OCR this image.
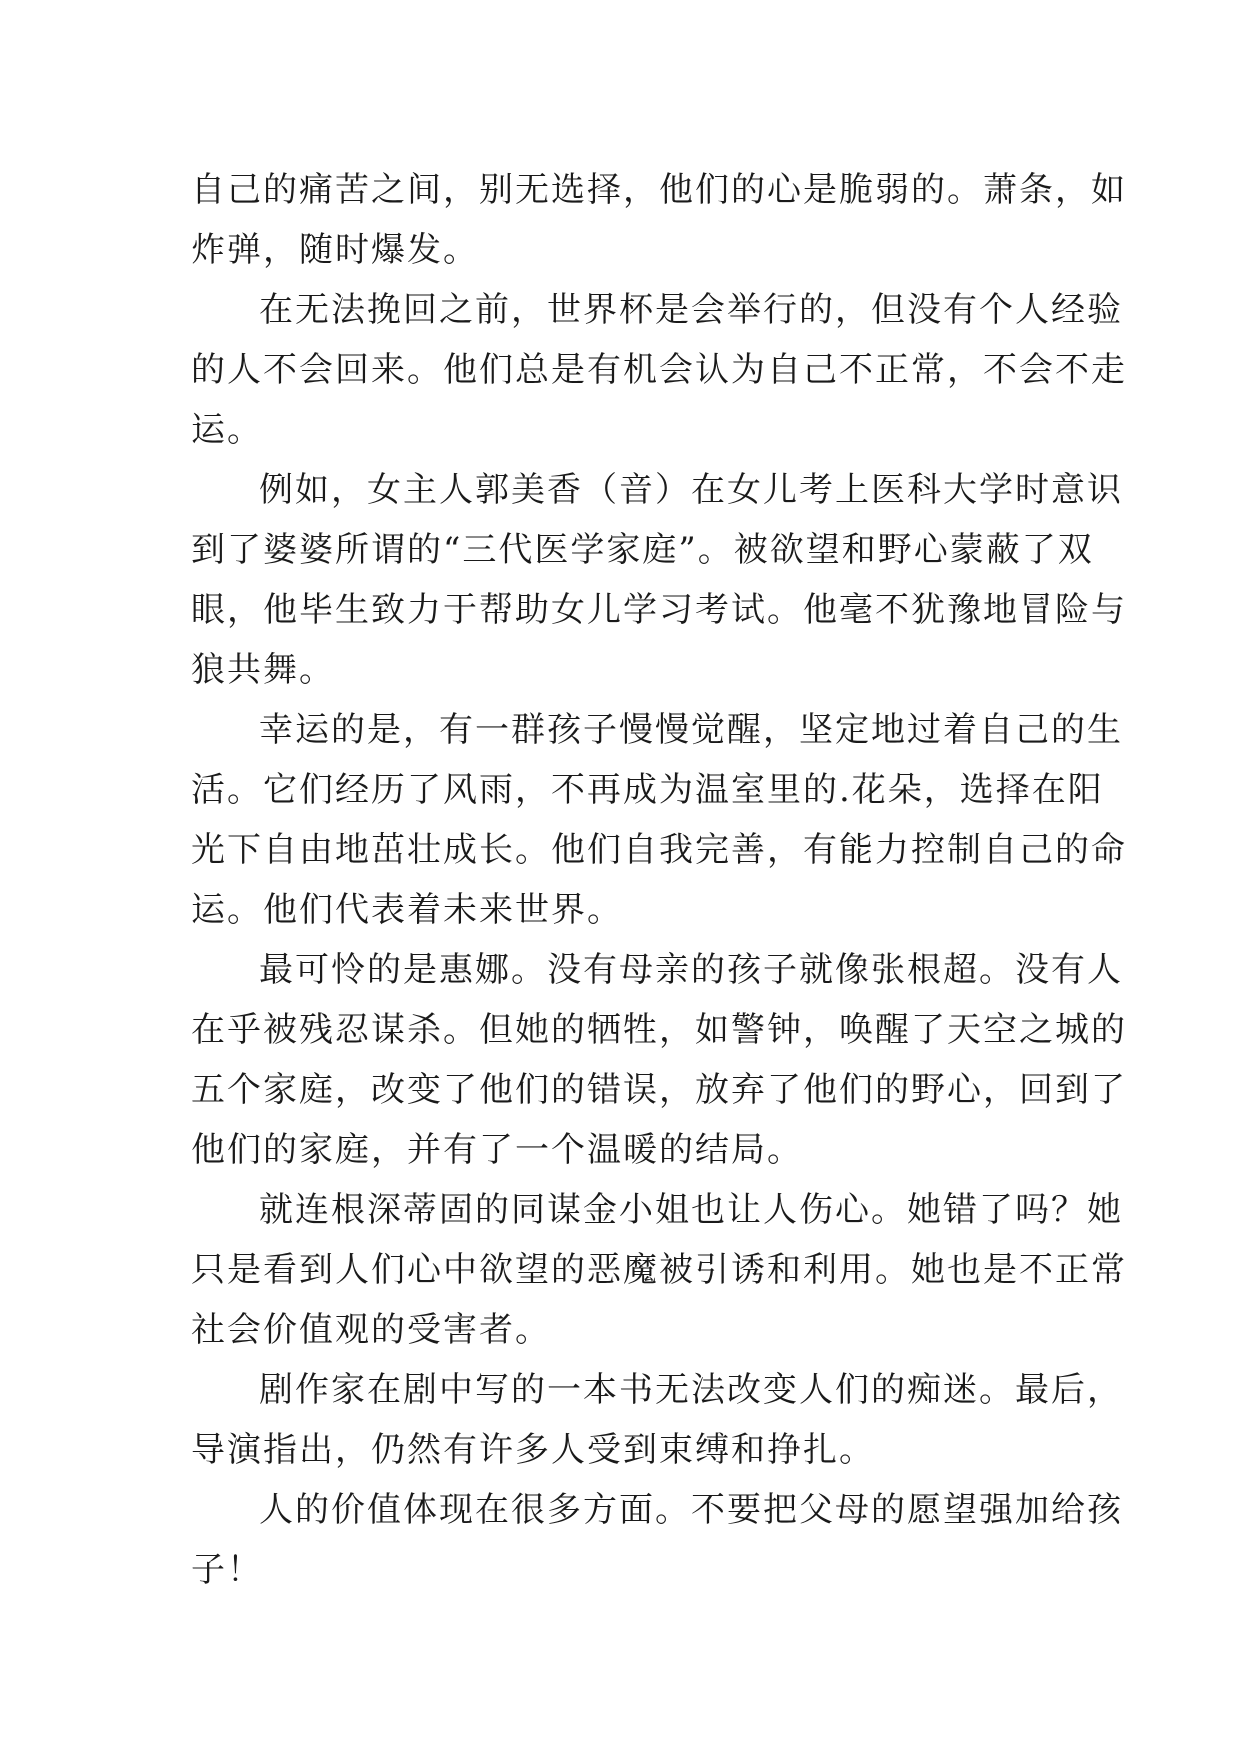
自己的痛苦之间，别无选择，他们的心是脆弱的。萧条，如
炸弹，随时爆发。
在无法挽回之前，世界杯是会举行的，但没有个人经验
的人不会回来。他们总是有机会认为自己不正常，不会不走
运。
例如，女主人郭美香（音）在女儿考上医科大学时意识
到了婆婆所谓的“三代医学家庭”。被欲望和野心蒙蔽了双
眼，他毕生致力于帮助女儿学习考试。他毫不犹豫地冒险与
狼共舞。
幸运的是，有一群孩子慢慢觉醒，坚定地过着自己的生
活。它们经历了风雨，不再成为温室里的.花朵，选择在阳
光下自由地茁壮成长。他们自我完善，有能力控制自己的命
运。他们代表着未来世界。
最可怜的是惠娜。没有母亲的孩子就像张根超。没有人
在乎被残忍谋杀。但她的牺牲，如警钟，唤醒了天空之城的
五个家庭，改变了他们的错误，放弃了他们的野心，回到了
他们的家庭，并有了一个温暖的结局。
就连根深蒂固的同谋金小姐也让人伤心。她错了吗？她
只是看到人们心中欲望的恶魔被引诱和利用。她也是不正常
社会价值观的受害者。
剧作家在剧中写的一本书无法改变人们的痴迷。最后，
导演指出，仍然有许多人受到束缚和挣扎。
人的价值体现在很多方面。不要把父母的愿望强加给孩
子！
